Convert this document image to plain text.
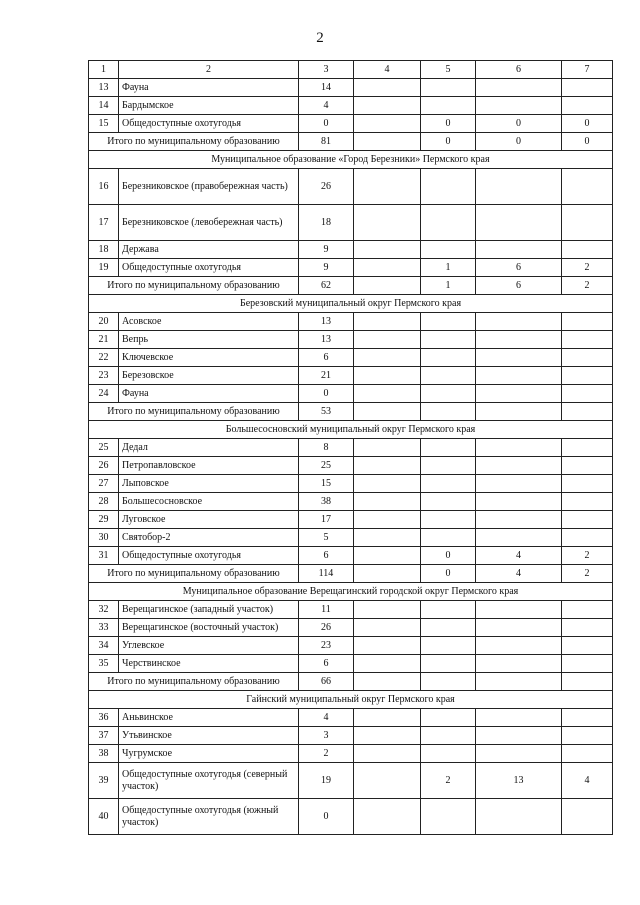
2
1	2	3	4	5	6	7
13	Фауна	14				
14	Бардымское	4				
15	Общедоступные охотугодья	0		0	0	0
Итого по муниципальному образованию		81		0	0	0
Муниципальное образование «Город Березники» Пермского края						
16	Березниковское (правобережная часть)	26				
17	Березниковское (левобережная часть)	18				
18	Держава	9				
19	Общедоступные охотугодья	9		1	6	2
Итого по муниципальному образованию		62		1	6	2
Березовский муниципальный округ Пермского края						
20	Асовское	13				
21	Вепрь	13				
22	Ключевское	6				
23	Березовское	21				
24	Фауна	0				
Итого по муниципальному образованию		53				
Большесосновский муниципальный округ Пермского края						
25	Дедал	8				
26	Петропавловское	25				
27	Лыповское	15				
28	Большесосновское	38				
29	Луговское	17				
30	Святобор-2	5				
31	Общедоступные охотугодья	6		0	4	2
Итого по муниципальному образованию		114		0	4	2
Муниципальное образование Верещагинский городской округ Пермского края						
32	Верещагинское (западный участок)	11				
33	Верещагинское (восточный участок)	26				
34	Углевское	23				
35	Черствинское	6				
Итого по муниципальному образованию		66				
Гайнский муниципальный округ Пермского края						
36	Аньвинское	4				
37	Утьвинское	3				
38	Чугрумское	2				
39	Общедоступные охотугодья (северный участок)	19		2	13	4
40	Общедоступные охотугодья (южный участок)	0				
